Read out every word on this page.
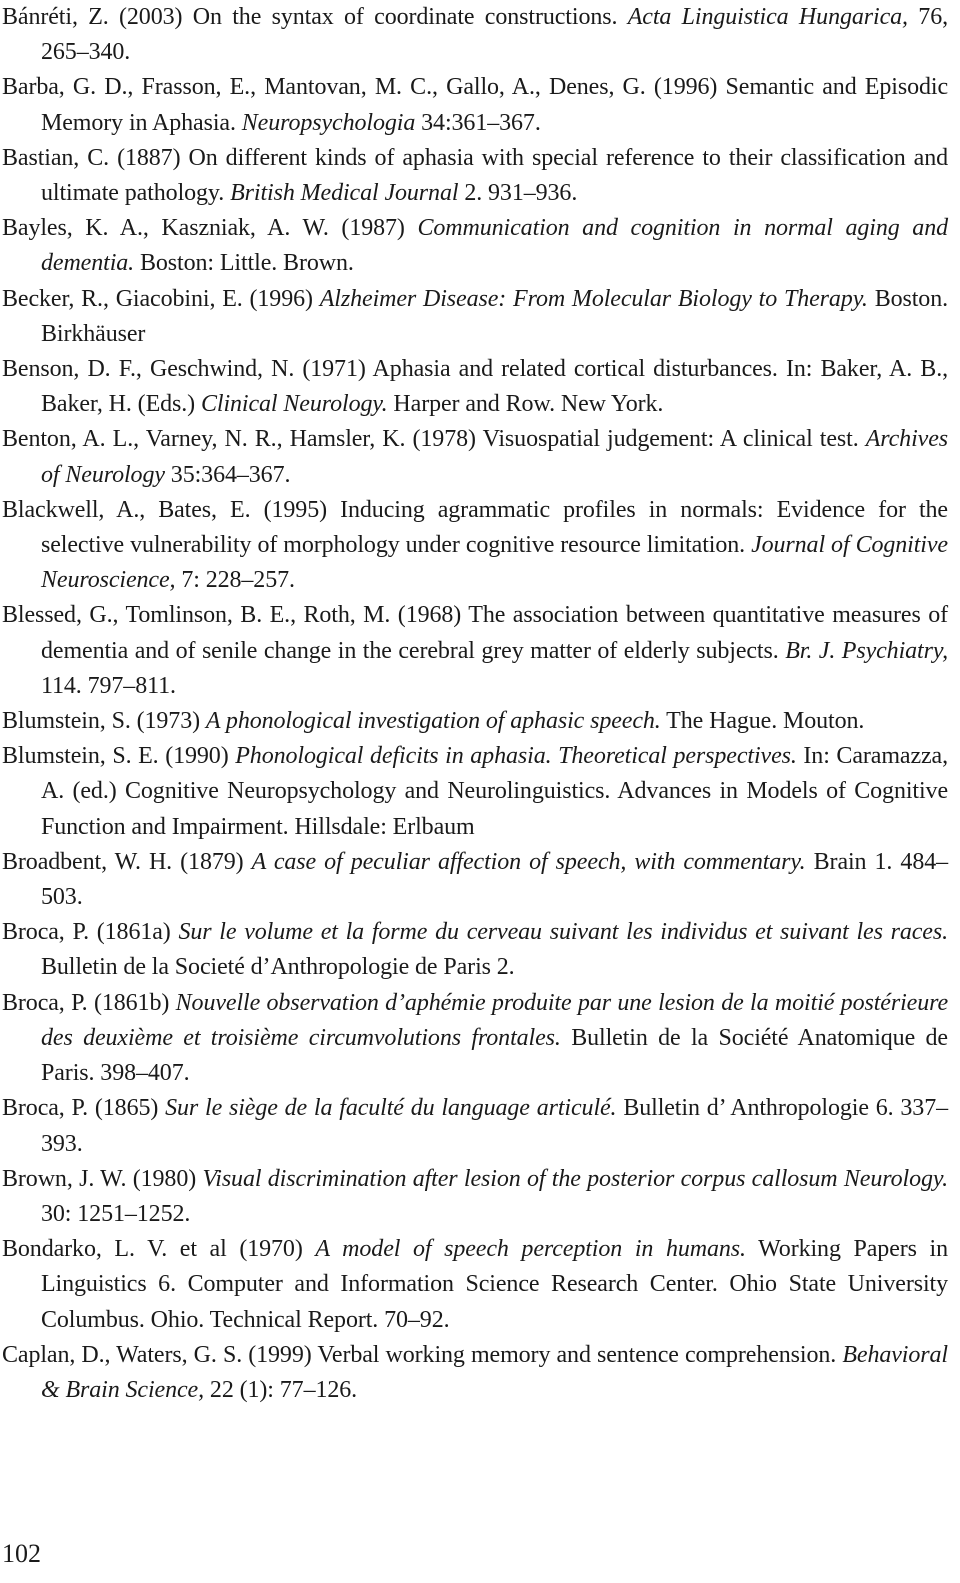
Bánréti, Z. (2003) On the syntax of coordinate constructions. Acta Linguistica Hungarica, 76, 265–340.
Barba, G. D., Frasson, E., Mantovan, M. C., Gallo, A., Denes, G. (1996) Semantic and Episodic Memory in Aphasia. Neuropsychologia 34:361–367.
Bastian, C. (1887) On different kinds of aphasia with special reference to their classification and ultimate pathology. British Medical Journal 2. 931–936.
Bayles, K. A., Kaszniak, A. W. (1987) Communication and cognition in normal aging and dementia. Boston: Little. Brown.
Becker, R., Giacobini, E. (1996) Alzheimer Disease: From Molecular Biology to Therapy. Boston. Birkhäuser
Benson, D. F., Geschwind, N. (1971) Aphasia and related cortical disturbances. In: Baker, A. B., Baker, H. (Eds.) Clinical Neurology. Harper and Row. New York.
Benton, A. L., Varney, N. R., Hamsler, K. (1978) Visuospatial judgement: A clinical test. Archives of Neurology 35:364–367.
Blackwell, A., Bates, E. (1995) Inducing agrammatic profiles in normals: Evidence for the selective vulnerability of morphology under cognitive resource limitation. Journal of Cognitive Neuroscience, 7: 228–257.
Blessed, G., Tomlinson, B. E., Roth, M. (1968) The association between quantitative measures of dementia and of senile change in the cerebral grey matter of elderly subjects. Br. J. Psychiatry, 114. 797–811.
Blumstein, S. (1973) A phonological investigation of aphasic speech. The Hague. Mouton.
Blumstein, S. E. (1990) Phonological deficits in aphasia. Theoretical perspectives. In: Caramazza, A. (ed.) Cognitive Neuropsychology and Neurolinguistics. Advances in Models of Cognitive Function and Impairment. Hillsdale: Erlbaum
Broadbent, W. H. (1879) A case of peculiar affection of speech, with commentary. Brain 1. 484–503.
Broca, P. (1861a) Sur le volume et la forme du cerveau suivant les individus et suivant les races. Bulletin de la Societé d’Anthropologie de Paris 2.
Broca, P. (1861b) Nouvelle observation d’aphémie produite par une lesion de la moitié postérieure des deuxième et troisième circumvolutions frontales. Bulletin de la Société Anatomique de Paris. 398–407.
Broca, P. (1865) Sur le siège de la faculté du language articulé. Bulletin d’ Anthropologie 6. 337–393.
Brown, J. W. (1980) Visual discrimination after lesion of the posterior corpus callosum Neurology. 30: 1251–1252.
Bondarko, L. V. et al (1970) A model of speech perception in humans. Working Papers in Linguistics 6. Computer and Information Science Research Center. Ohio State University Columbus. Ohio. Technical Report. 70–92.
Caplan, D., Waters, G. S. (1999) Verbal working memory and sentence comprehension. Behavioral & Brain Science, 22 (1): 77–126.

102
